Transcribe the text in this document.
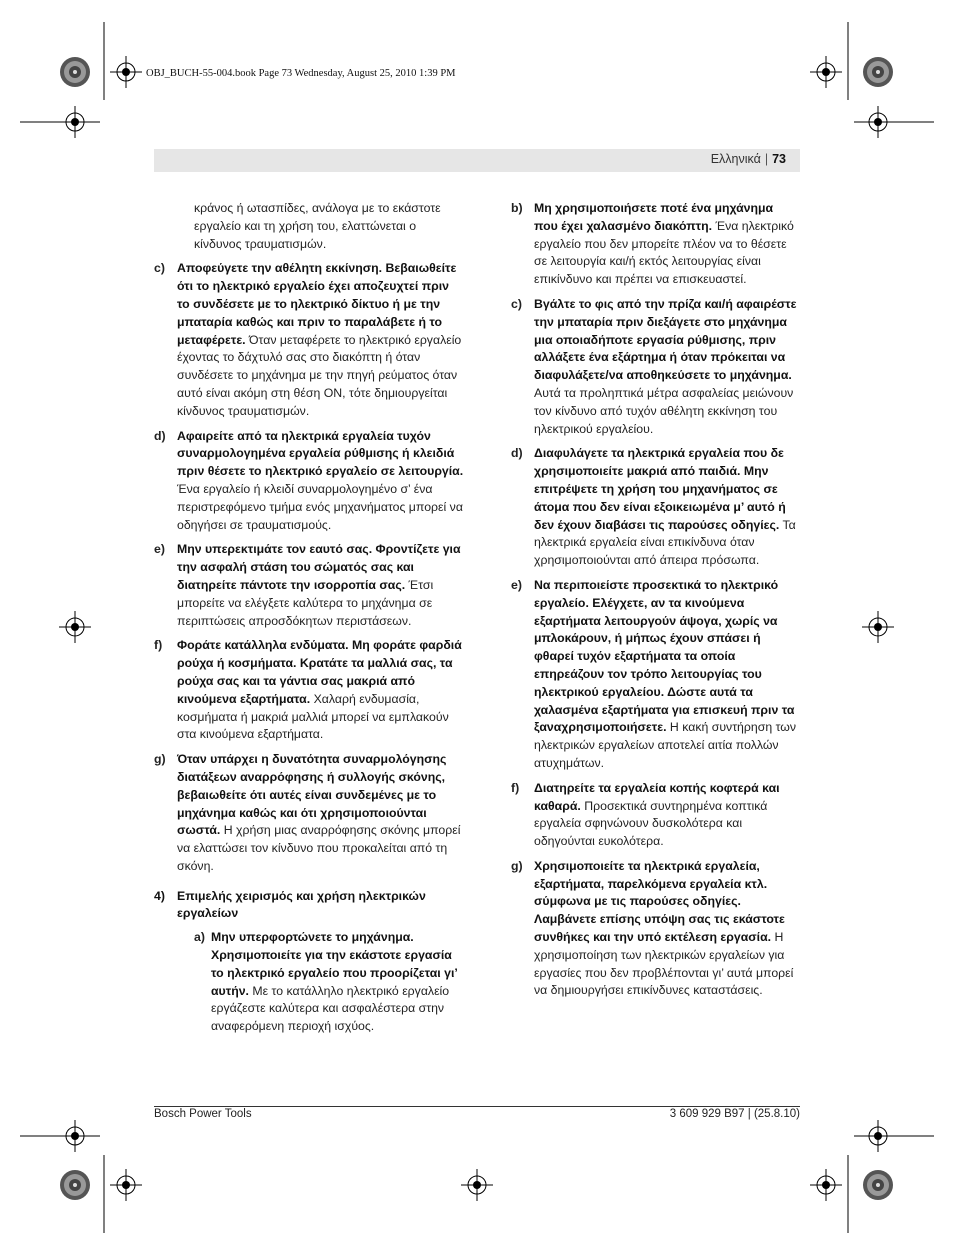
OBJ_BUCH-55-004.book Page 73 Wednesday, August 25, 2010 1:39 PM
Ελληνικά | 73
κράνος ή ωτασπίδες, ανάλογα με το εκάστοτε εργαλείο και τη χρήση του, ελαττώνεται ο κίνδυνος τραυματισμών.
c) Αποφεύγετε την αθέλητη εκκίνηση. Βεβαιωθείτε ότι το ηλεκτρικό εργαλείο έχει αποζευχτεί πριν το συνδέσετε με το ηλεκτρικό δίκτυο ή με την μπαταρία καθώς και πριν το παραλάβετε ή το μεταφέρετε. Όταν μεταφέρετε το ηλεκτρικό εργαλείο έχοντας το δάχτυλό σας στο διακόπτη ή όταν συνδέσετε το μηχάνημα με την πηγή ρεύματος όταν αυτό είναι ακόμη στη θέση ON, τότε δημιουργείται κίνδυνος τραυματισμών.
d) Αφαιρείτε από τα ηλεκτρικά εργαλεία τυχόν συναρμολογημένα εργαλεία ρύθμισης ή κλειδιά πριν θέσετε το ηλεκτρικό εργαλείο σε λειτουργία. Ένα εργαλείο ή κλειδί συναρμολογημένο σ’ ένα περιστρεφόμενο τμήμα ενός μηχανήματος μπορεί να οδηγήσει σε τραυματισμούς.
e) Μην υπερεκτιμάτε τον εαυτό σας. Φροντίζετε για την ασφαλή στάση του σώματός σας και διατηρείτε πάντοτε την ισορροπία σας. Έτσι μπορείτε να ελέγξετε καλύτερα το μηχάνημα σε περιπτώσεις απροσδόκητων περιστάσεων.
f) Φοράτε κατάλληλα ενδύματα. Μη φοράτε φαρδιά ρούχα ή κοσμήματα. Κρατάτε τα μαλλιά σας, τα ρούχα σας και τα γάντια σας μακριά από κινούμενα εξαρτήματα. Χαλαρή ενδυμασία, κοσμήματα ή μακριά μαλλιά μπορεί να εμπλακούν στα κινούμενα εξαρτήματα.
g) Όταν υπάρχει η δυνατότητα συναρμολόγησης διατάξεων αναρρόφησης ή συλλογής σκόνης, βεβαιωθείτε ότι αυτές είναι συνδεμένες με το μηχάνημα καθώς και ότι χρησιμοποιούνται σωστά. Η χρήση μιας αναρρόφησης σκόνης μπορεί να ελαττώσει τον κίνδυνο που προκαλείται από τη σκόνη.
4) Επιμελής χειρισμός και χρήση ηλεκτρικών εργαλείων
a) Μην υπερφορτώνετε το μηχάνημα. Χρησιμοποιείτε για την εκάστοτε εργασία το ηλεκτρικό εργαλείο που προορίζεται γι’ αυτήν. Με το κατάλληλο ηλεκτρικό εργαλείο εργάζεστε καλύτερα και ασφαλέστερα στην αναφερόμενη περιοχή ισχύος.
b) Μη χρησιμοποιήσετε ποτέ ένα μηχάνημα που έχει χαλασμένο διακόπτη. Ένα ηλεκτρικό εργαλείο που δεν μπορείτε πλέον να το θέσετε σε λειτουργία και/ή εκτός λειτουργίας είναι επικίνδυνο και πρέπει να επισκευαστεί.
c) Βγάλτε το φις από την πρίζα και/ή αφαιρέστε την μπαταρία πριν διεξάγετε στο μηχάνημα μια οποιαδήποτε εργασία ρύθμισης, πριν αλλάξετε ένα εξάρτημα ή όταν πρόκειται να διαφυλάξετε/να αποθηκεύσετε το μηχάνημα. Αυτά τα προληπτικά μέτρα ασφαλείας μειώνουν τον κίνδυνο από τυχόν αθέλητη εκκίνηση του ηλεκτρικού εργαλείου.
d) Διαφυλάγετε τα ηλεκτρικά εργαλεία που δε χρησιμοποιείτε μακριά από παιδιά. Μην επιτρέψετε τη χρήση του μηχανήματος σε άτομα που δεν είναι εξοικειωμένα μ’ αυτό ή δεν έχουν διαβάσει τις παρούσες οδηγίες. Τα ηλεκτρικά εργαλεία είναι επικίνδυνα όταν χρησιμοποιούνται από άπειρα πρόσωπα.
e) Να περιποιείστε προσεκτικά το ηλεκτρικό εργαλείο. Ελέγχετε, αν τα κινούμενα εξαρτήματα λειτουργούν άψογα, χωρίς να μπλοκάρουν, ή μήπως έχουν σπάσει ή φθαρεί τυχόν εξαρτήματα τα οποία επηρεάζουν τον τρόπο λειτουργίας του ηλεκτρικού εργαλείου. Δώστε αυτά τα χαλασμένα εξαρτήματα για επισκευή πριν τα ξαναχρησιμοποιήσετε. Η κακή συντήρηση των ηλεκτρικών εργαλείων αποτελεί αιτία πολλών ατυχημάτων.
f) Διατηρείτε τα εργαλεία κοπής κοφτερά και καθαρά. Προσεκτικά συντηρημένα κοπτικά εργαλεία σφηνώνουν δυσκολότερα και οδηγούνται ευκολότερα.
g) Χρησιμοποιείτε τα ηλεκτρικά εργαλεία, εξαρτήματα, παρελκόμενα εργαλεία κτλ. σύμφωνα με τις παρούσες οδηγίες. Λαμβάνετε επίσης υπόψη σας τις εκάστοτε συνθήκες και την υπό εκτέλεση εργασία. Η χρησιμοποίηση των ηλεκτρικών εργαλείων για εργασίες που δεν προβλέπονται γι’ αυτά μπορεί να δημιουργήσει επικίνδυνες καταστάσεις.
Bosch Power Tools	3 609 929 B97 | (25.8.10)
